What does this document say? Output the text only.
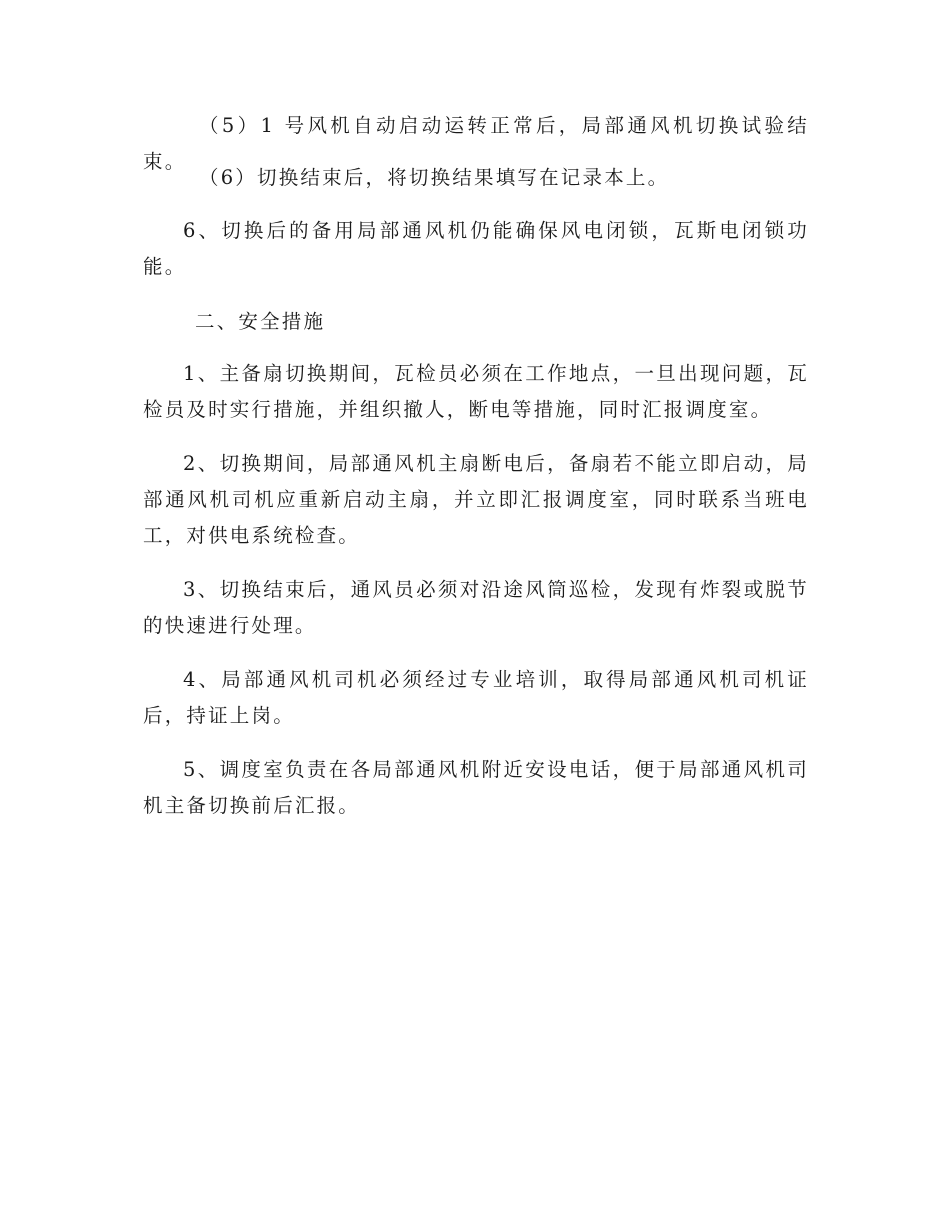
（5）1 号风机自动启动运转正常后，局部通风机切换试验结束。

（6）切换结束后，将切换结果填写在记录本上。

6、切换后的备用局部通风机仍能确保风电闭锁，瓦斯电闭锁功能。

二、安全措施

1、主备扇切换期间，瓦检员必须在工作地点，一旦出现问题，瓦检员及时实行措施，并组织撤人，断电等措施，同时汇报调度室。

2、切换期间，局部通风机主扇断电后，备扇若不能立即启动，局部通风机司机应重新启动主扇，并立即汇报调度室，同时联系当班电工，对供电系统检查。

3、切换结束后，通风员必须对沿途风筒巡检，发现有炸裂或脱节的快速进行处理。

4、局部通风机司机必须经过专业培训，取得局部通风机司机证后，持证上岗。

5、调度室负责在各局部通风机附近安设电话，便于局部通风机司机主备切换前后汇报。
